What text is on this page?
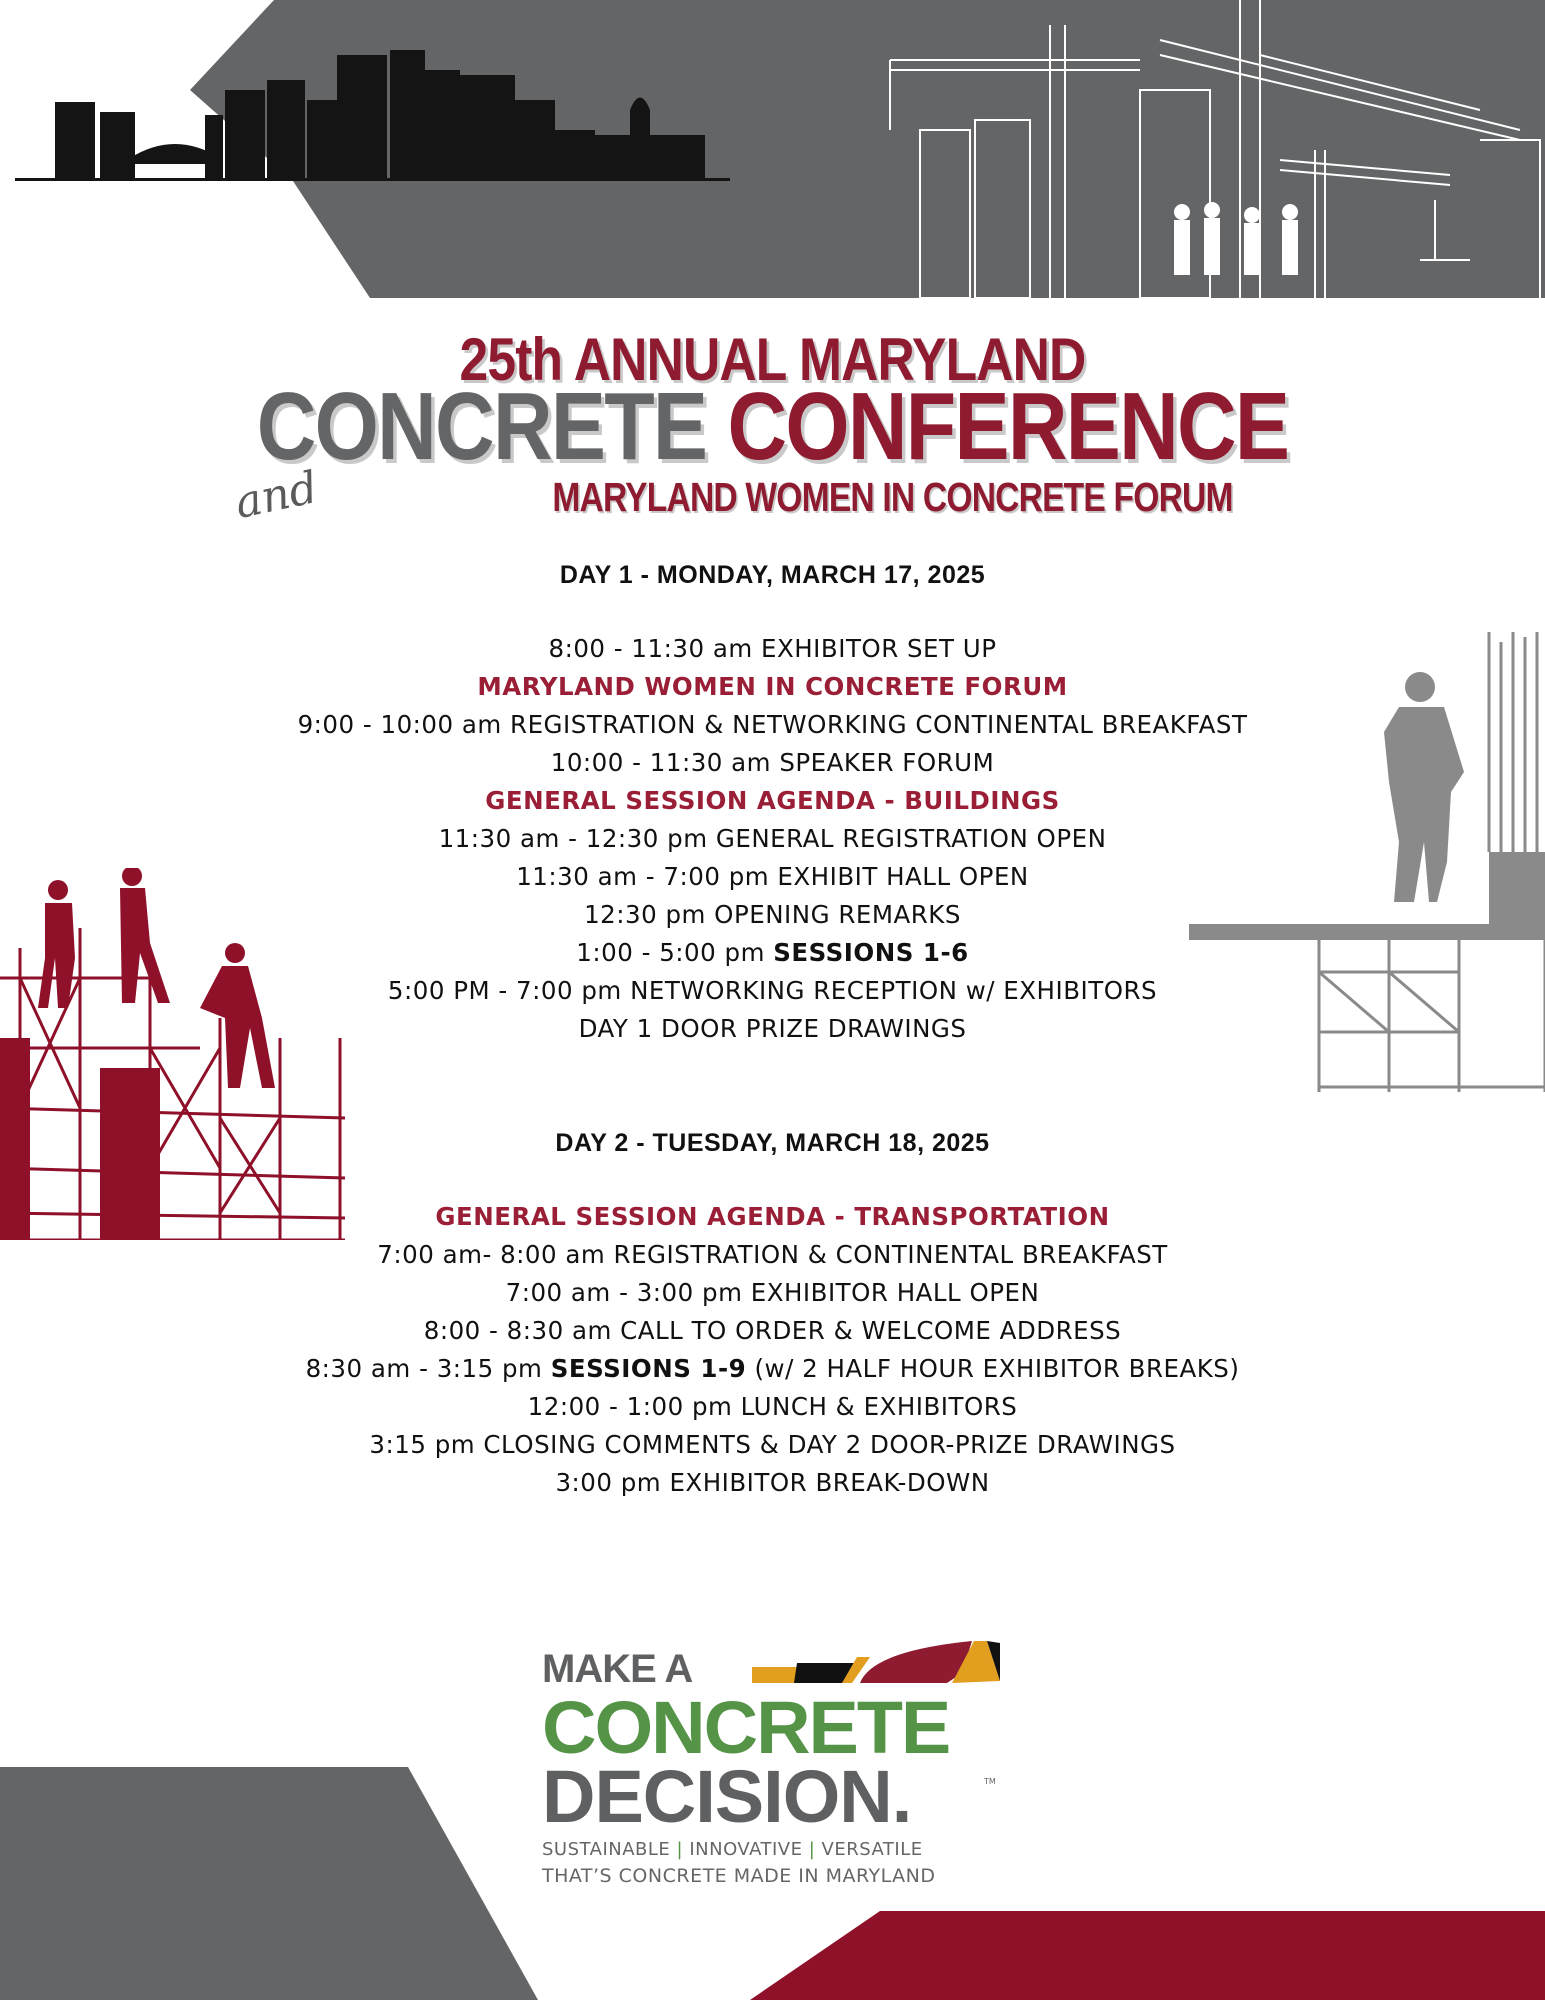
25th ANNUAL MARYLAND
CONCRETE CONFERENCE
and	MARYLAND WOMEN IN CONCRETE FORUM
DAY 1 - MONDAY, MARCH 17, 2025
8:00 - 11:30 am EXHIBITOR SET UP
MARYLAND WOMEN IN CONCRETE FORUM
9:00 - 10:00 am REGISTRATION & NETWORKING CONTINENTAL BREAKFAST
10:00 - 11:30 am SPEAKER FORUM
GENERAL SESSION AGENDA - BUILDINGS
11:30 am - 12:30 pm GENERAL REGISTRATION OPEN
11:30 am - 7:00 pm EXHIBIT HALL OPEN
12:30 pm OPENING REMARKS
1:00 - 5:00 pm SESSIONS 1-6
5:00 PM - 7:00 pm NETWORKING RECEPTION w/ EXHIBITORS
DAY 1 DOOR PRIZE DRAWINGS
DAY 2 - TUESDAY, MARCH 18, 2025
GENERAL SESSION AGENDA - TRANSPORTATION
7:00 am- 8:00 am REGISTRATION & CONTINENTAL BREAKFAST
7:00 am - 3:00 pm EXHIBITOR HALL OPEN
8:00 - 8:30 am CALL TO ORDER & WELCOME ADDRESS
8:30 am - 3:15 pm SESSIONS 1-9 (w/ 2 HALF HOUR EXHIBITOR BREAKS)
12:00 - 1:00 pm LUNCH & EXHIBITORS
3:15 pm CLOSING COMMENTS & DAY 2 DOOR-PRIZE DRAWINGS
3:00 pm EXHIBITOR BREAK-DOWN
MAKE A
CONCRETE
DECISION.	TM
SUSTAINABLE | INNOVATIVE | VERSATILE
THAT’S CONCRETE MADE IN MARYLAND
